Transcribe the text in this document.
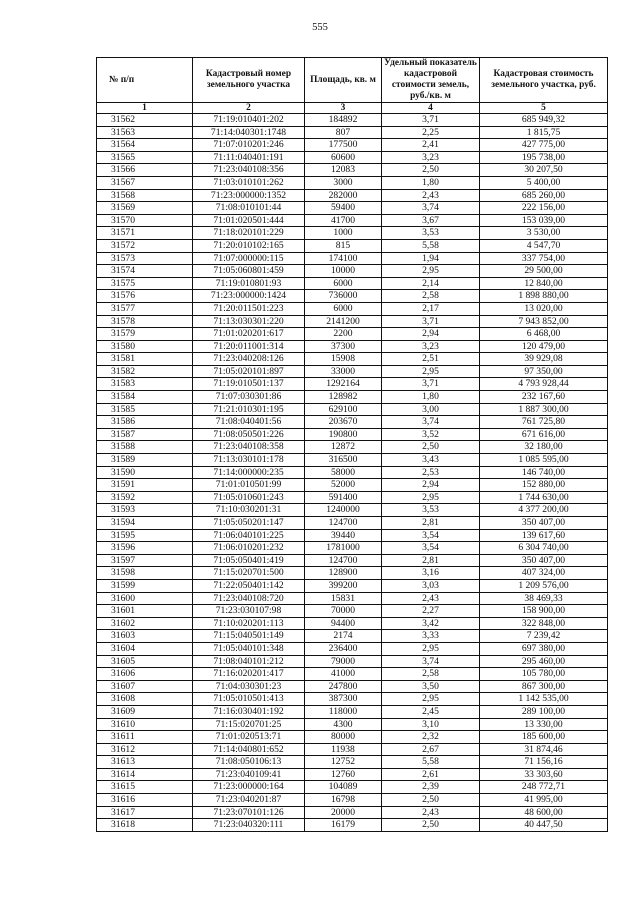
555
№ п/п	Кадастровый номер земельного участка	Площадь, кв. м	Удельный показатель кадастровой стоимости земель, руб./кв. м	Кадастровая стоимость земельного участка, руб.
1	2	3	4	5
31562	71:19:010401:202	184892	3,71	685 949,32
31563	71:14:040301:1748	807	2,25	1 815,75
31564	71:07:010201:246	177500	2,41	427 775,00
31565	71:11:040401:191	60600	3,23	195 738,00
31566	71:23:040108:356	12083	2,50	30 207,50
31567	71:03:010101:262	3000	1,80	5 400,00
31568	71:23:000000:1352	282000	2,43	685 260,00
31569	71:08:010101:44	59400	3,74	222 156,00
31570	71:01:020501:444	41700	3,67	153 039,00
31571	71:18:020101:229	1000	3,53	3 530,00
31572	71:20:010102:165	815	5,58	4 547,70
31573	71:07:000000:115	174100	1,94	337 754,00
31574	71:05:060801:459	10000	2,95	29 500,00
31575	71:19:010801:93	6000	2,14	12 840,00
31576	71:23:000000:1424	736000	2,58	1 898 880,00
31577	71:20:011501:223	6000	2,17	13 020,00
31578	71:13:030301:220	2141200	3,71	7 943 852,00
31579	71:01:020201:617	2200	2,94	6 468,00
31580	71:20:011001:314	37300	3,23	120 479,00
31581	71:23:040208:126	15908	2,51	39 929,08
31582	71:05:020101:897	33000	2,95	97 350,00
31583	71:19:010501:137	1292164	3,71	4 793 928,44
31584	71:07:030301:86	128982	1,80	232 167,60
31585	71:21:010301:195	629100	3,00	1 887 300,00
31586	71:08:040401:56	203670	3,74	761 725,80
31587	71:08:050501:226	190800	3,52	671 616,00
31588	71:23:040108:358	12872	2,50	32 180,00
31589	71:13:030101:178	316500	3,43	1 085 595,00
31590	71:14:000000:235	58000	2,53	146 740,00
31591	71:01:010501:99	52000	2,94	152 880,00
31592	71:05:010601:243	591400	2,95	1 744 630,00
31593	71:10:030201:31	1240000	3,53	4 377 200,00
31594	71:05:050201:147	124700	2,81	350 407,00
31595	71:06:040101:225	39440	3,54	139 617,60
31596	71:06:010201:232	1781000	3,54	6 304 740,00
31597	71:05:050401:419	124700	2,81	350 407,00
31598	71:15:020701:500	128900	3,16	407 324,00
31599	71:22:050401:142	399200	3,03	1 209 576,00
31600	71:23:040108:720	15831	2,43	38 469,33
31601	71:23:030107:98	70000	2,27	158 900,00
31602	71:10:020201:113	94400	3,42	322 848,00
31603	71:15:040501:149	2174	3,33	7 239,42
31604	71:05:040101:348	236400	2,95	697 380,00
31605	71:08:040101:212	79000	3,74	295 460,00
31606	71:16:020201:417	41000	2,58	105 780,00
31607	71:04:030301:23	247800	3,50	867 300,00
31608	71:05:010501:413	387300	2,95	1 142 535,00
31609	71:16:030401:192	118000	2,45	289 100,00
31610	71:15:020701:25	4300	3,10	13 330,00
31611	71:01:020513:71	80000	2,32	185 600,00
31612	71:14:040801:652	11938	2,67	31 874,46
31613	71:08:050106:13	12752	5,58	71 156,16
31614	71:23:040109:41	12760	2,61	33 303,60
31615	71:23:000000:164	104089	2,39	248 772,71
31616	71:23:040201:87	16798	2,50	41 995,00
31617	71:23:070101:126	20000	2,43	48 600,00
31618	71:23:040320:111	16179	2,50	40 447,50
